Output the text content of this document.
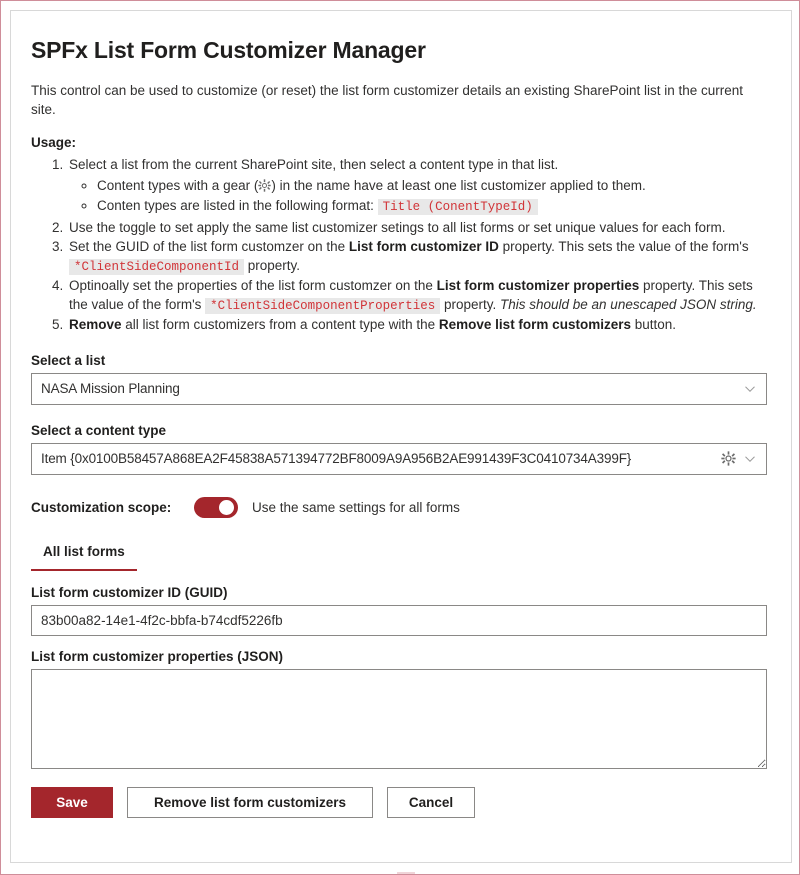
SPFx List Form Customizer Manager

This control can be used to customize (or reset) the list form customizer details an existing SharePoint list in the current site.

Usage:

1. Select a list from the current SharePoint site, then select a content type in that list.
◦ Content types with a gear ( ) in the name have at least one list customizer applied to them.
◦ Conten types are listed in the following format: Title (ConentTypeId)
2. Use the toggle to set apply the same list customizer setings to all list forms or set unique values for each form.
3. Set the GUID of the list form customzer on the List form customizer ID property. This sets the value of the form's *ClientSideComponentId property.
4. Optinoally set the properties of the list form customzer on the List form customizer properties property. This sets the value of the form's *ClientSideComponentProperties property. This should be an unescaped JSON string.
5. Remove all list form customizers from a content type with the Remove list form customizers button.
Select a list
NASA Mission Planning
Select a content type
Item {0x0100B58457A868EA2F45838A571394772BF8009A9A956B2AE991439F3C0410734A399F}
Customization scope:	Use the same settings for all forms
All list forms
List form customizer ID (GUID)
83b00a82-14e1-4f2c-bbfa-b74cdf5226fb
List form customizer properties (JSON)
Save	Remove list form customizers	Cancel
